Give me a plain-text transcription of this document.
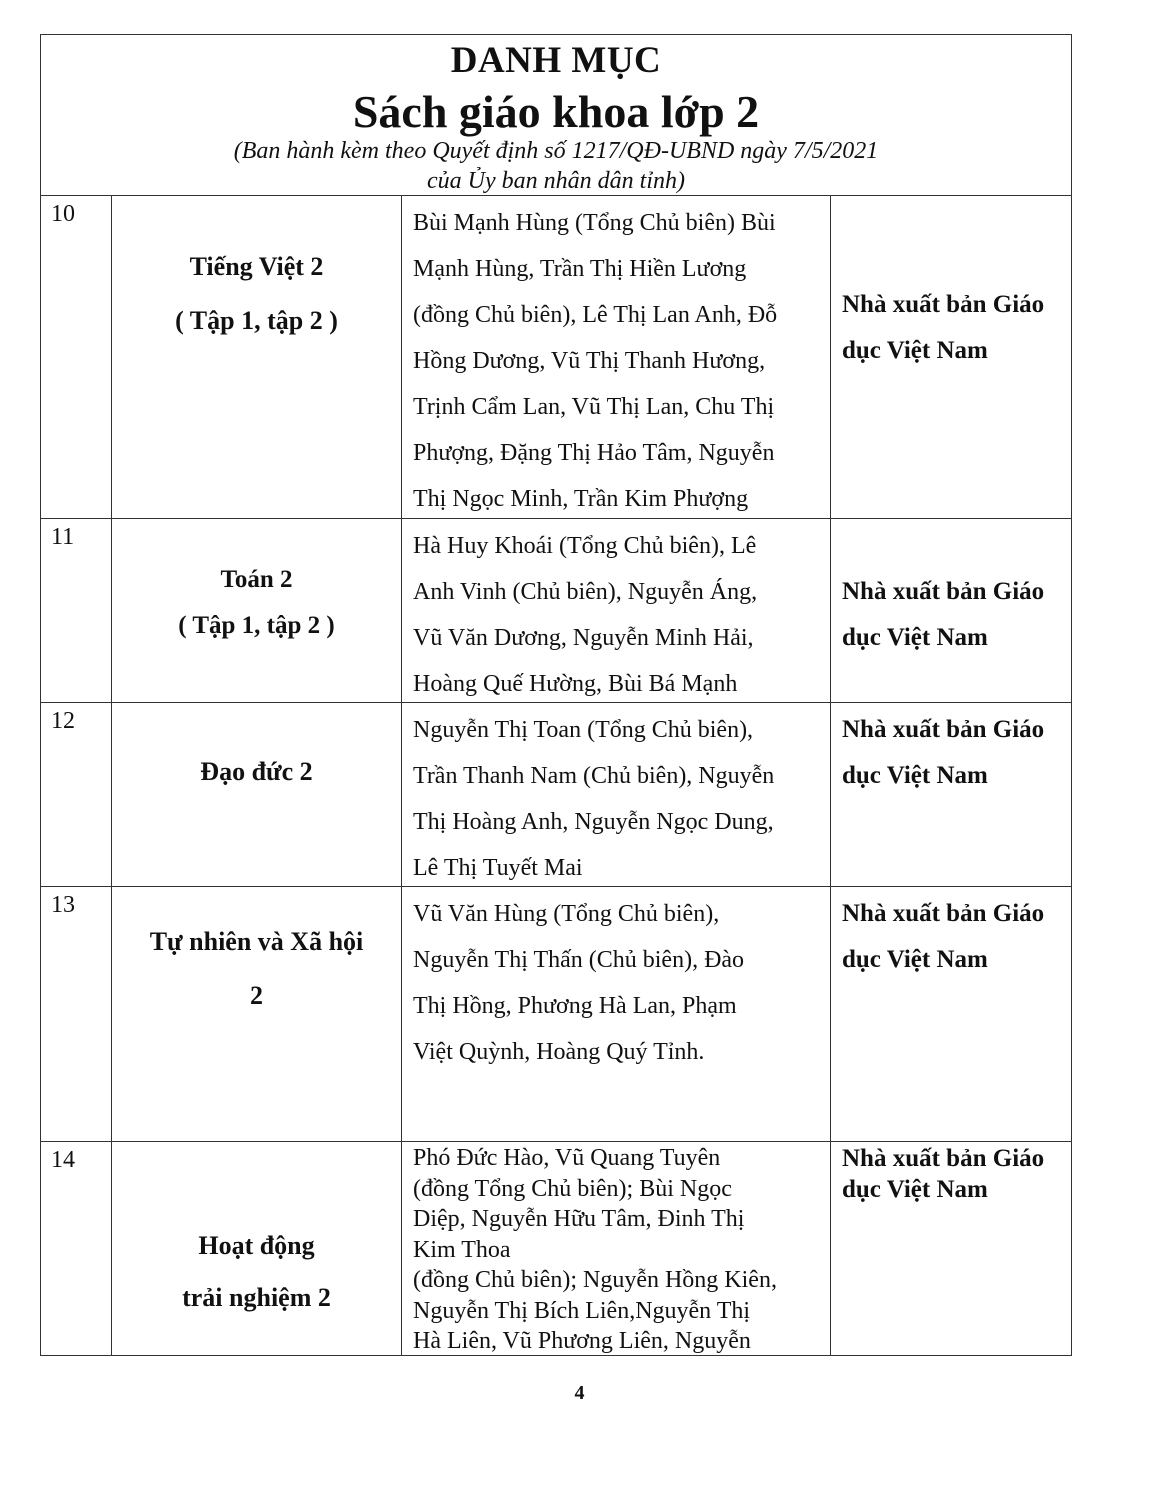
DANH MỤC
Sách giáo khoa lớp 2
(Ban hành kèm theo Quyết định số 1217/QĐ-UBND ngày 7/5/2021
của Ủy ban nhân dân tỉnh)
10
Tiếng Việt 2
( Tập 1, tập 2 )
Bùi Mạnh Hùng (Tổng Chủ biên) Bùi
Mạnh Hùng, Trần Thị Hiền Lương
(đồng Chủ biên), Lê Thị Lan Anh, Đỗ
Hồng Dương, Vũ Thị Thanh Hương,
Trịnh Cẩm Lan, Vũ Thị Lan, Chu Thị
Phượng, Đặng Thị Hảo Tâm, Nguyễn
Thị Ngọc Minh, Trần Kim Phượng
Nhà xuất bản Giáo
dục Việt Nam
11
Toán 2
( Tập 1, tập 2 )
Hà Huy Khoái (Tổng Chủ biên), Lê
Anh Vinh (Chủ biên), Nguyễn Áng,
Vũ Văn Dương, Nguyễn Minh Hải,
Hoàng Quế Hường, Bùi Bá Mạnh
Nhà xuất bản Giáo
dục Việt Nam
12
Đạo đức 2
Nguyễn Thị Toan (Tổng Chủ biên),
Trần Thanh Nam (Chủ biên), Nguyễn
Thị Hoàng Anh, Nguyễn Ngọc Dung,
Lê Thị Tuyết Mai
Nhà xuất bản Giáo
dục Việt Nam
13
Tự nhiên và Xã hội
2
Vũ Văn Hùng (Tổng Chủ biên),
Nguyễn Thị Thấn (Chủ biên), Đào
Thị Hồng, Phương Hà Lan, Phạm
Việt Quỳnh, Hoàng Quý Tỉnh.
Nhà xuất bản Giáo
dục Việt Nam
14
Hoạt động
trải nghiệm 2
Phó Đức Hào, Vũ Quang Tuyên
(đồng Tổng Chủ biên); Bùi Ngọc
Diệp, Nguyễn Hữu Tâm, Đinh Thị
Kim Thoa
(đồng Chủ biên); Nguyễn Hồng Kiên,
Nguyễn Thị Bích Liên,Nguyễn Thị
Hà Liên, Vũ Phương Liên, Nguyễn
Nhà xuất bản Giáo
dục Việt Nam
4
